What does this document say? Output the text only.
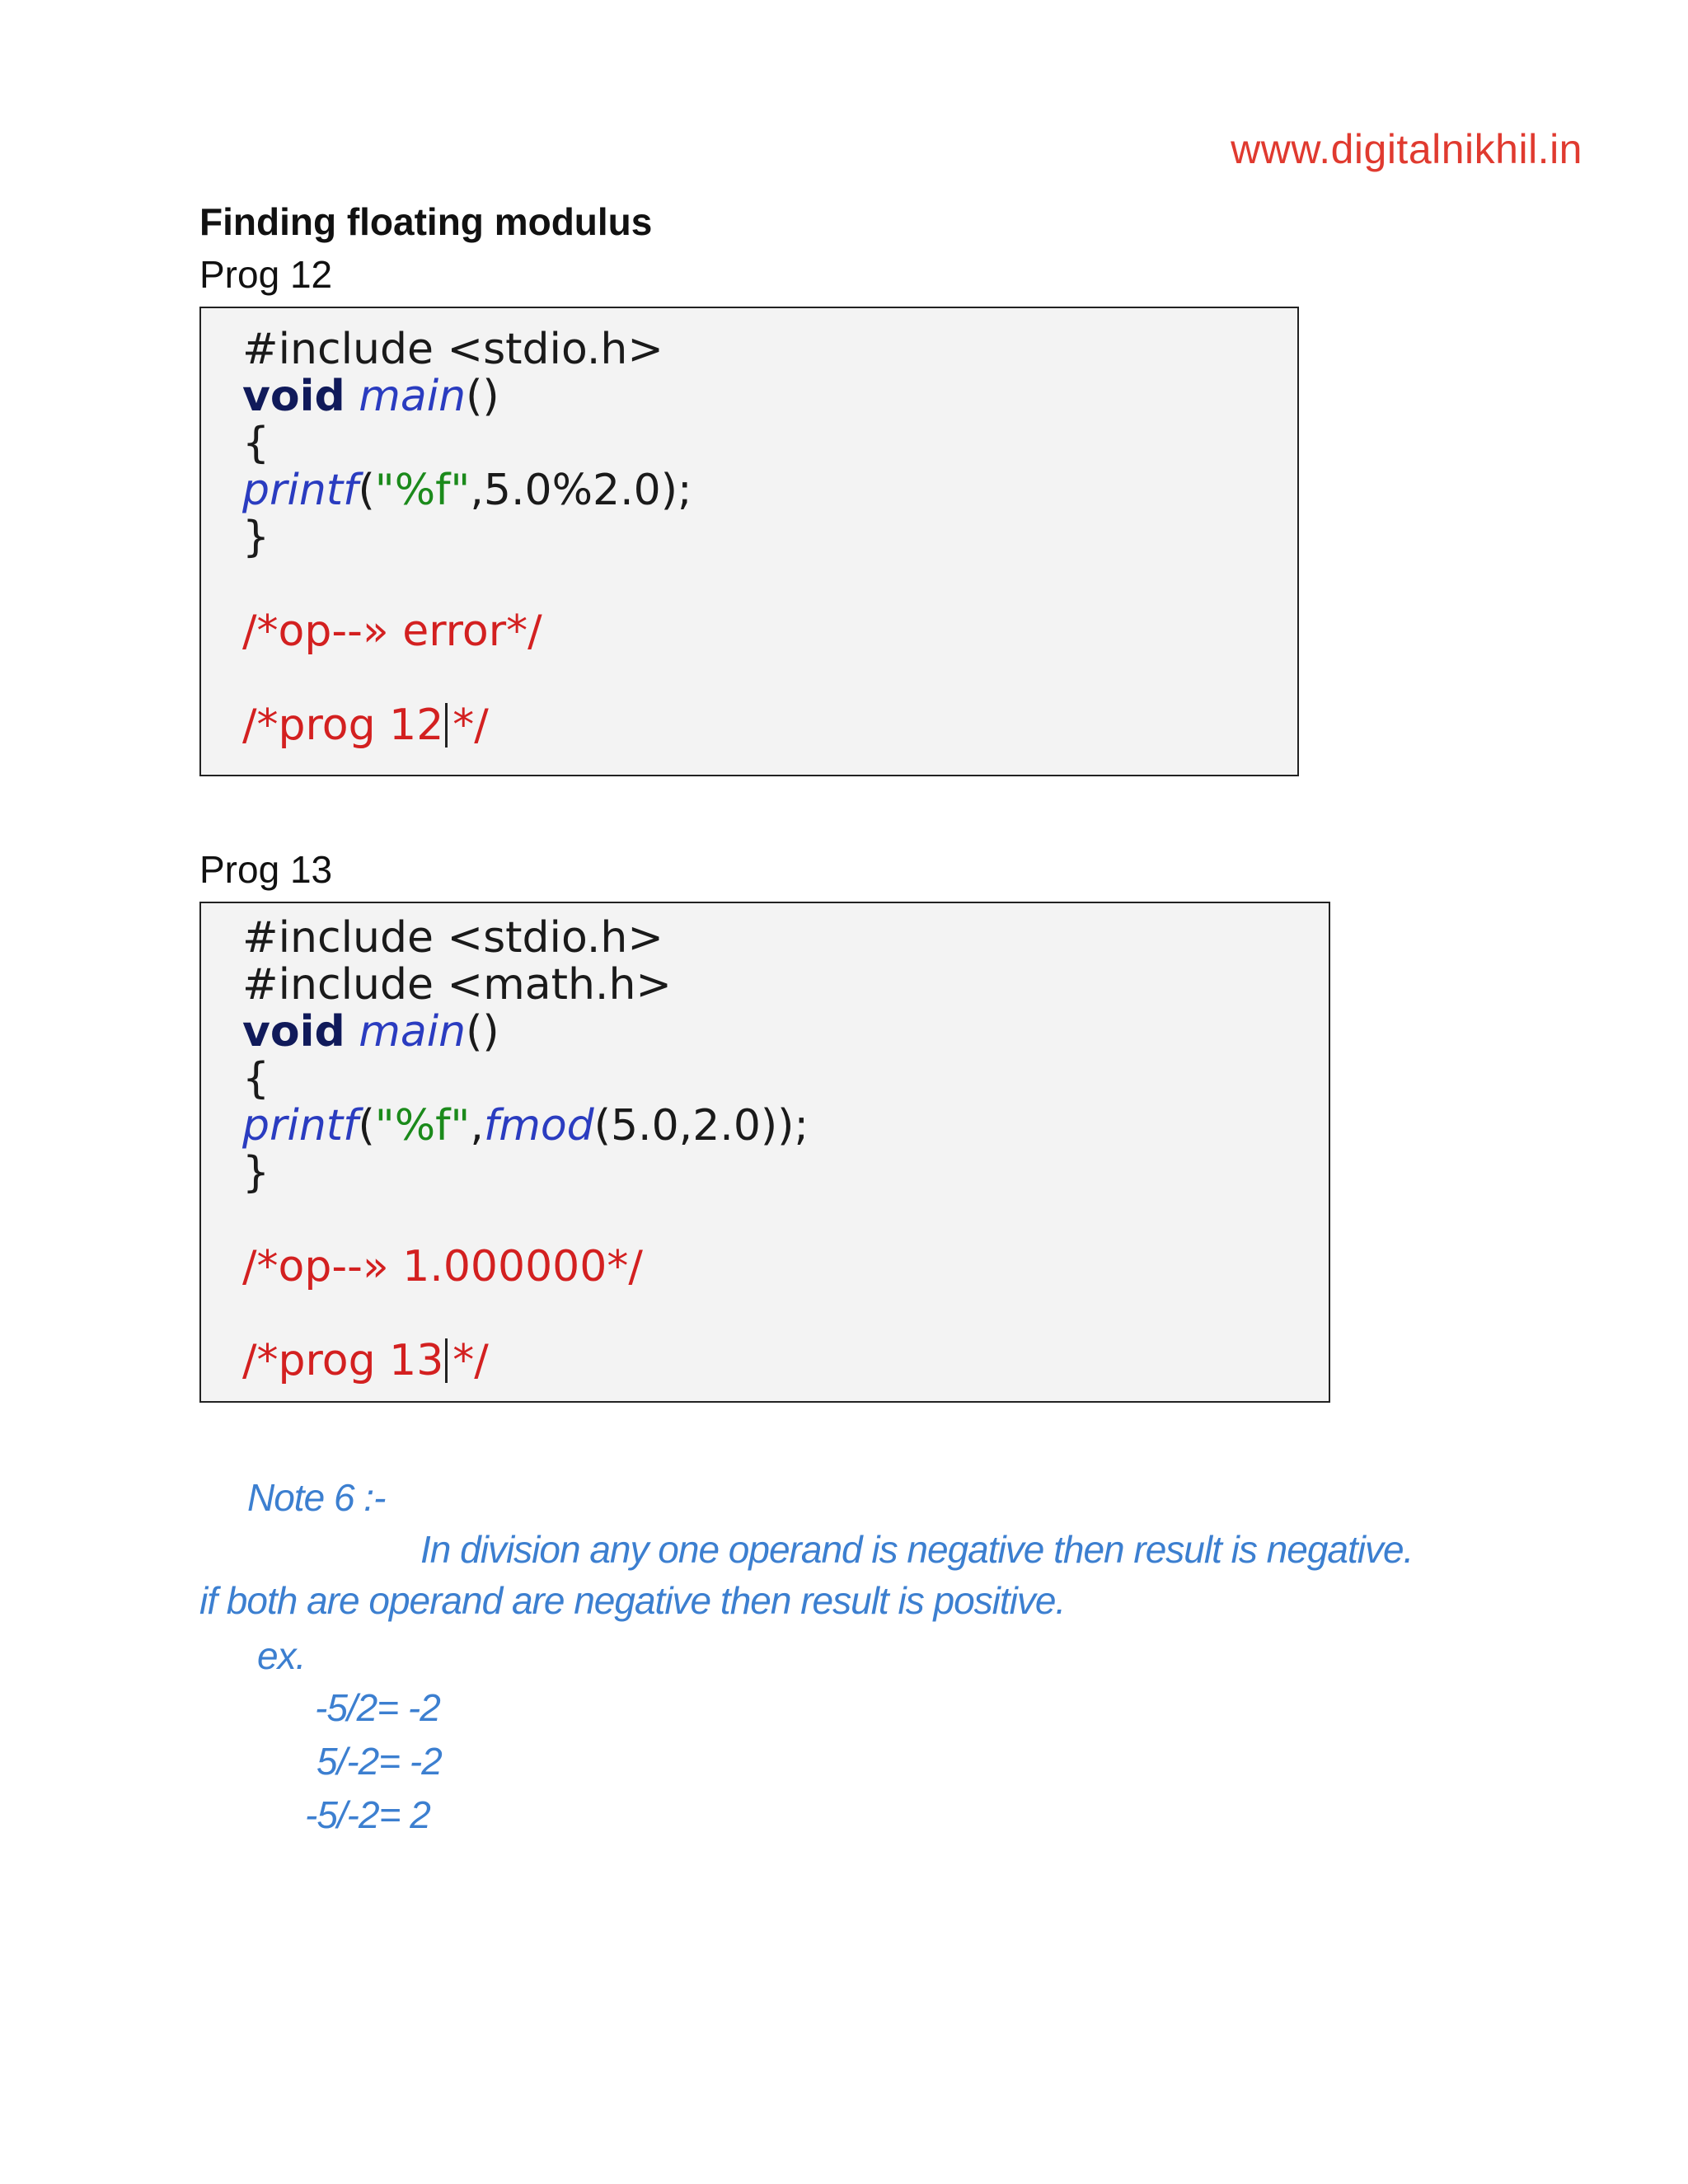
www.digitalnikhil.in
Finding floating modulus
Prog 12
#include <stdio.h>
void main()
{
printf("%f",5.0%2.0);
}
/*op--» error*/
/*prog 12 */
Prog 13
#include <stdio.h>
#include <math.h>
void main()
{
printf("%f",fmod(5.0,2.0));
}
/*op--» 1.000000*/
/*prog 13 */
Note 6 :-
In division any one operand is negative then result is negative.
if both are operand are negative then result is positive.
ex.
-5/2= -2
5/-2= -2
-5/-2= 2
